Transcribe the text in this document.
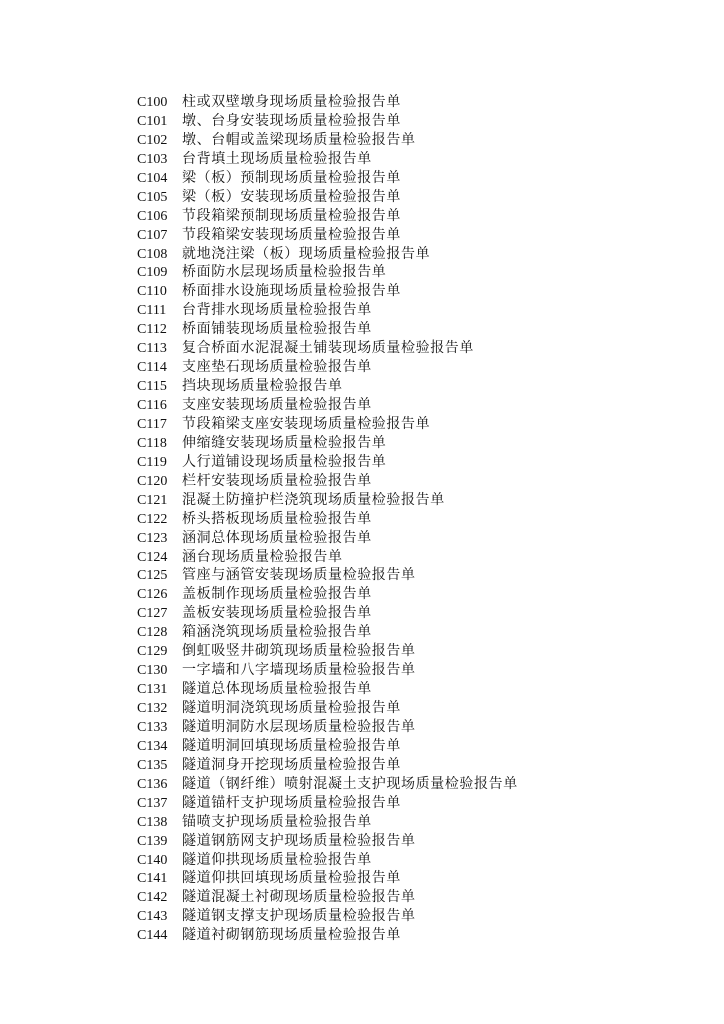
C100 柱或双壁墩身现场质量检验报告单
C101 墩、台身安装现场质量检验报告单
C102 墩、台帽或盖梁现场质量检验报告单
C103 台背填土现场质量检验报告单
C104 梁（板）预制现场质量检验报告单
C105 梁（板）安装现场质量检验报告单
C106 节段箱梁预制现场质量检验报告单
C107 节段箱梁安装现场质量检验报告单
C108 就地浇注梁（板）现场质量检验报告单
C109 桥面防水层现场质量检验报告单
C110 桥面排水设施现场质量检验报告单
C111 台背排水现场质量检验报告单
C112 桥面铺装现场质量检验报告单
C113 复合桥面水泥混凝土铺装现场质量检验报告单
C114 支座垫石现场质量检验报告单
C115 挡块现场质量检验报告单
C116 支座安装现场质量检验报告单
C117 节段箱梁支座安装现场质量检验报告单
C118 伸缩缝安装现场质量检验报告单
C119 人行道铺设现场质量检验报告单
C120 栏杆安装现场质量检验报告单
C121 混凝土防撞护栏浇筑现场质量检验报告单
C122 桥头搭板现场质量检验报告单
C123 涵洞总体现场质量检验报告单
C124 涵台现场质量检验报告单
C125 管座与涵管安装现场质量检验报告单
C126 盖板制作现场质量检验报告单
C127 盖板安装现场质量检验报告单
C128 箱涵浇筑现场质量检验报告单
C129 倒虹吸竖井砌筑现场质量检验报告单
C130 一字墙和八字墙现场质量检验报告单
C131 隧道总体现场质量检验报告单
C132 隧道明洞浇筑现场质量检验报告单
C133 隧道明洞防水层现场质量检验报告单
C134 隧道明洞回填现场质量检验报告单
C135 隧道洞身开挖现场质量检验报告单
C136 隧道（钢纤维）喷射混凝土支护现场质量检验报告单
C137 隧道锚杆支护现场质量检验报告单
C138 锚喷支护现场质量检验报告单
C139 隧道钢筋网支护现场质量检验报告单
C140 隧道仰拱现场质量检验报告单
C141 隧道仰拱回填现场质量检验报告单
C142 隧道混凝土衬砌现场质量检验报告单
C143 隧道钢支撑支护现场质量检验报告单
C144 隧道衬砌钢筋现场质量检验报告单
